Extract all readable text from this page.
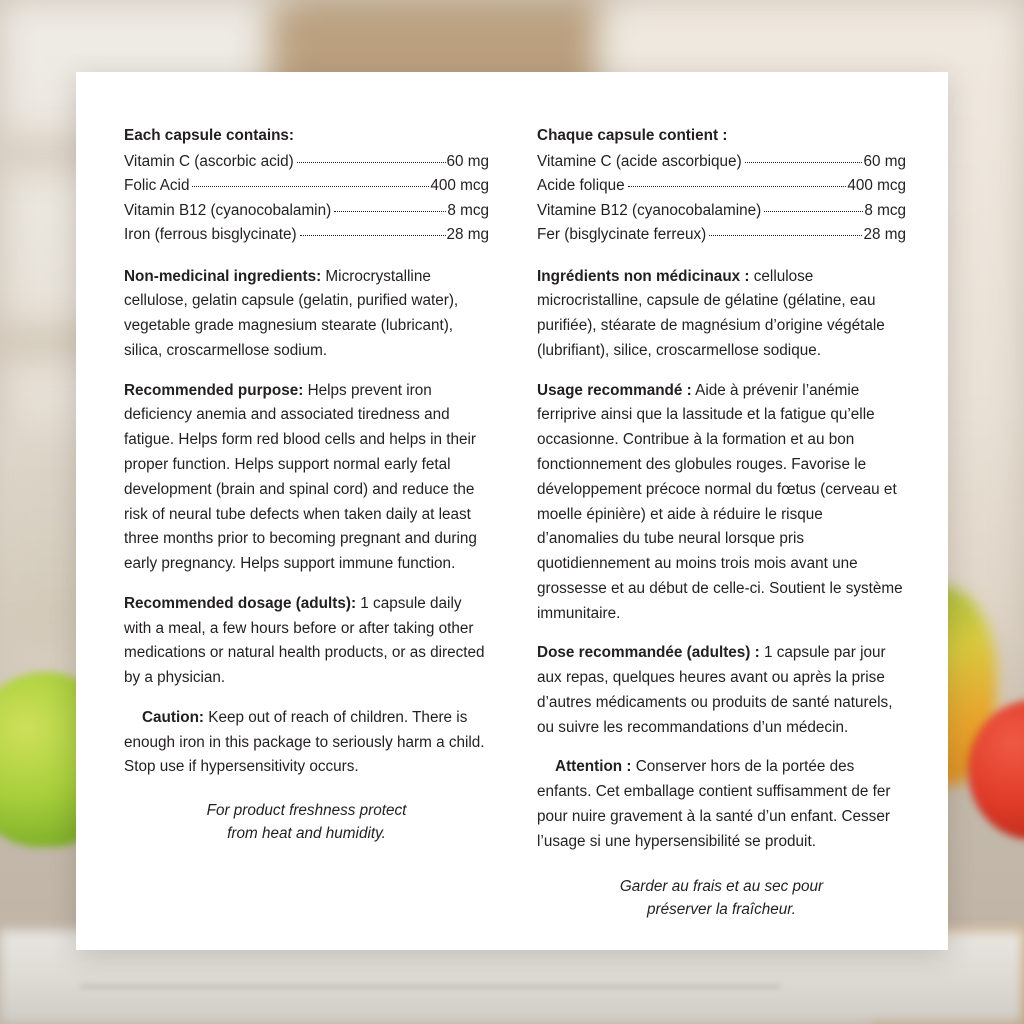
Each capsule contains:
Vitamin C (ascorbic acid)	60 mg
Folic Acid	400 mcg
Vitamin B12 (cyanocobalamin)	8 mcg
Iron (ferrous bisglycinate)	28 mg

Non-medicinal ingredients: Microcrystalline cellulose, gelatin capsule (gelatin, purified water), vegetable grade magnesium stearate (lubricant), silica, croscarmellose sodium.

Recommended purpose: Helps prevent iron deficiency anemia and associated tiredness and fatigue. Helps form red blood cells and helps in their proper function. Helps support normal early fetal development (brain and spinal cord) and reduce the risk of neural tube defects when taken daily at least three months prior to becoming pregnant and during early pregnancy. Helps support immune function.

Recommended dosage (adults): 1 capsule daily with a meal, a few hours before or after taking other medications or natural health products, or as directed by a physician.

Caution: Keep out of reach of children. There is enough iron in this package to seriously harm a child. Stop use if hypersensitivity occurs.

For product freshness protect
from heat and humidity.
Chaque capsule contient :
Vitamine C (acide ascorbique)	60 mg
Acide folique	400 mcg
Vitamine B12 (cyanocobalamine)	8 mcg
Fer (bisglycinate ferreux)	28 mg

Ingrédients non médicinaux : cellulose microcristalline, capsule de gélatine (gélatine, eau purifiée), stéarate de magnésium d’origine végétale (lubrifiant), silice, croscarmellose sodique.

Usage recommandé : Aide à prévenir l’anémie ferriprive ainsi que la lassitude et la fatigue qu’elle occasionne. Contribue à la formation et au bon fonctionnement des globules rouges. Favorise le développement précoce normal du fœtus (cerveau et moelle épinière) et aide à réduire le risque d’anomalies du tube neural lorsque pris quotidiennement au moins trois mois avant une grossesse et au début de celle-ci. Soutient le système immunitaire.

Dose recommandée (adultes) : 1 capsule par jour aux repas, quelques heures avant ou après la prise d’autres médicaments ou produits de santé naturels, ou suivre les recommandations d’un médecin.

Attention : Conserver hors de la portée des enfants. Cet emballage contient suffisamment de fer pour nuire gravement à la santé d’un enfant. Cesser l’usage si une hypersensibilité se produit.

Garder au frais et au sec pour
préserver la fraîcheur.
